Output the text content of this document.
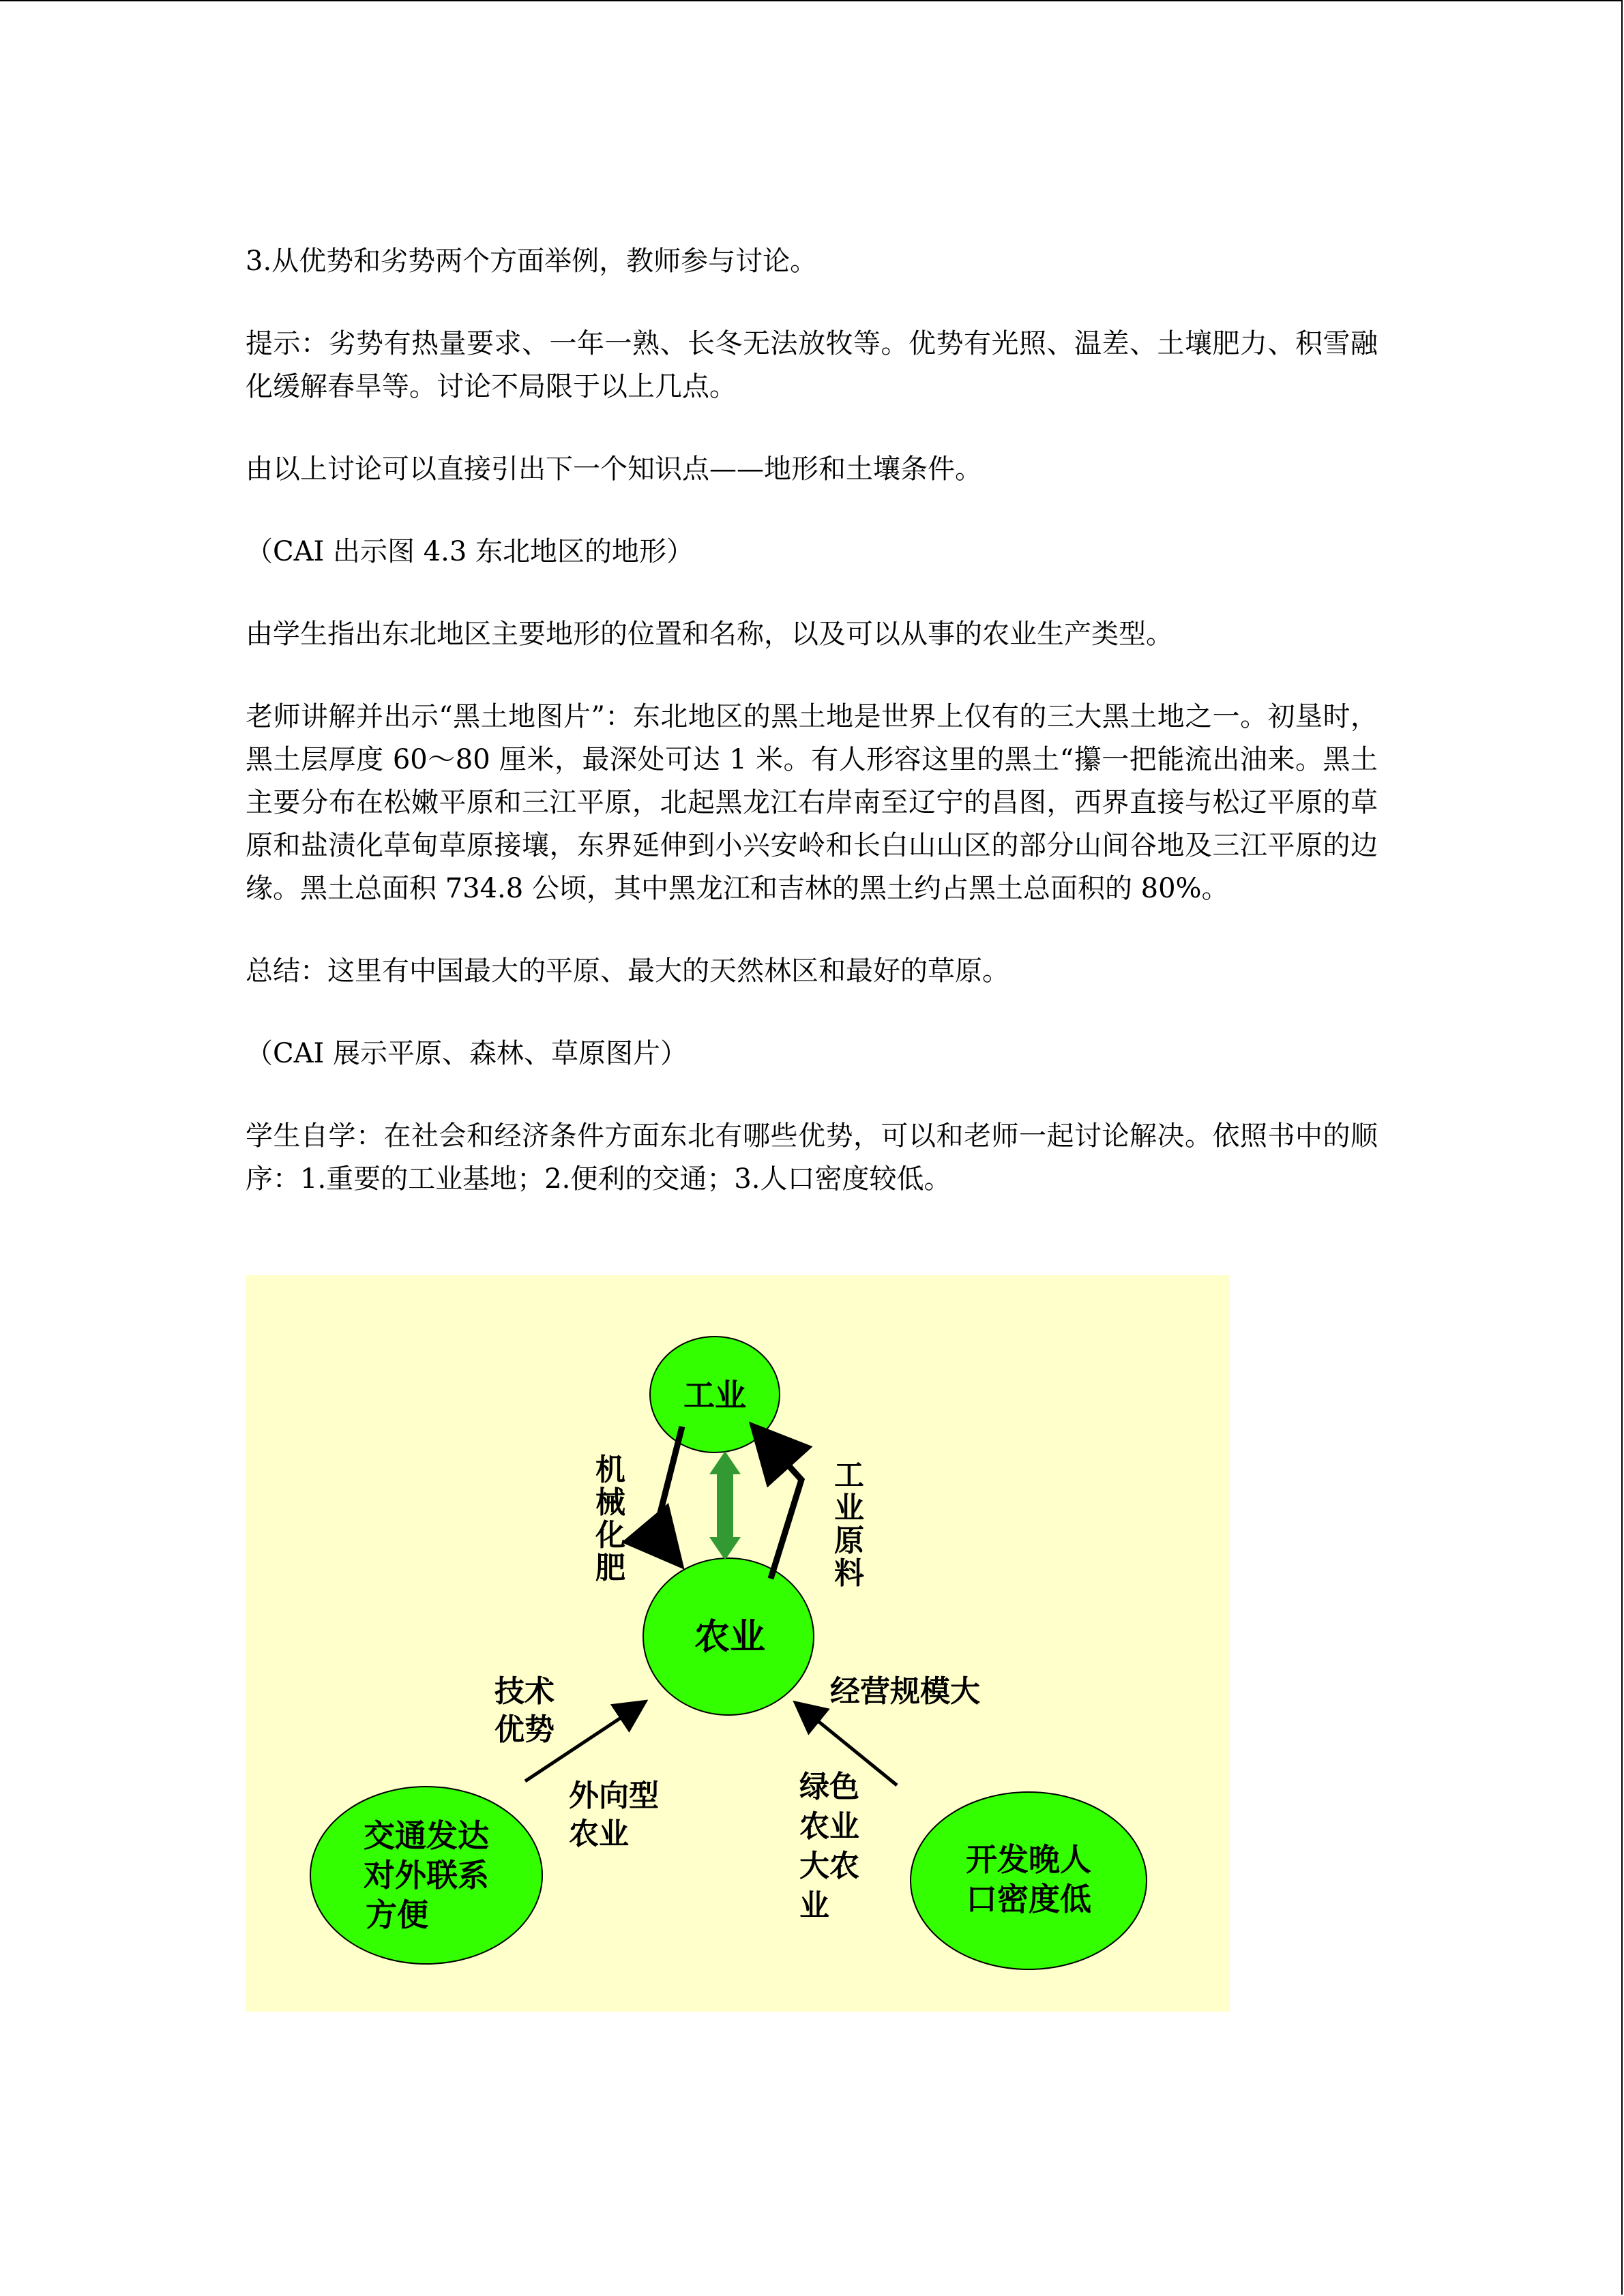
3.从优势和劣势两个方面举例，教师参与讨论。

提示：劣势有热量要求、一年一熟、长冬无法放牧等。优势有光照、温差、土壤肥力、积雪融化缓解春旱等。讨论不局限于以上几点。

由以上讨论可以直接引出下一个知识点——地形和土壤条件。

（CAI 出示图 4.3 东北地区的地形）

由学生指出东北地区主要地形的位置和名称，以及可以从事的农业生产类型。

老师讲解并出示“黑土地图片”：东北地区的黑土地是世界上仅有的三大黑土地之一。初垦时，黑土层厚度 60～80 厘米，最深处可达 1 米。有人形容这里的黑土“攥一把能流出油来。黑土主要分布在松嫩平原和三江平原，北起黑龙江右岸南至辽宁的昌图，西界直接与松辽平原的草原和盐渍化草甸草原接壤，东界延伸到小兴安岭和长白山山区的部分山间谷地及三江平原的边缘。黑土总面积 734.8 公顷，其中黑龙江和吉林的黑土约占黑土总面积的 80%。

总结：这里有中国最大的平原、最大的天然林区和最好的草原。

（CAI 展示平原、森林、草原图片）

学生自学：在社会和经济条件方面东北有哪些优势，可以和老师一起讨论解决。依照书中的顺序：1.重要的工业基地；2.便利的交通；3.人口密度较低。

工业
农业
交通发达
对外联系
方便
开发晚人
口密度低
机
械
化
肥
工
业
原
料
技术
优势
经营规模大
外向型
农业
绿色
农业
大农
业
